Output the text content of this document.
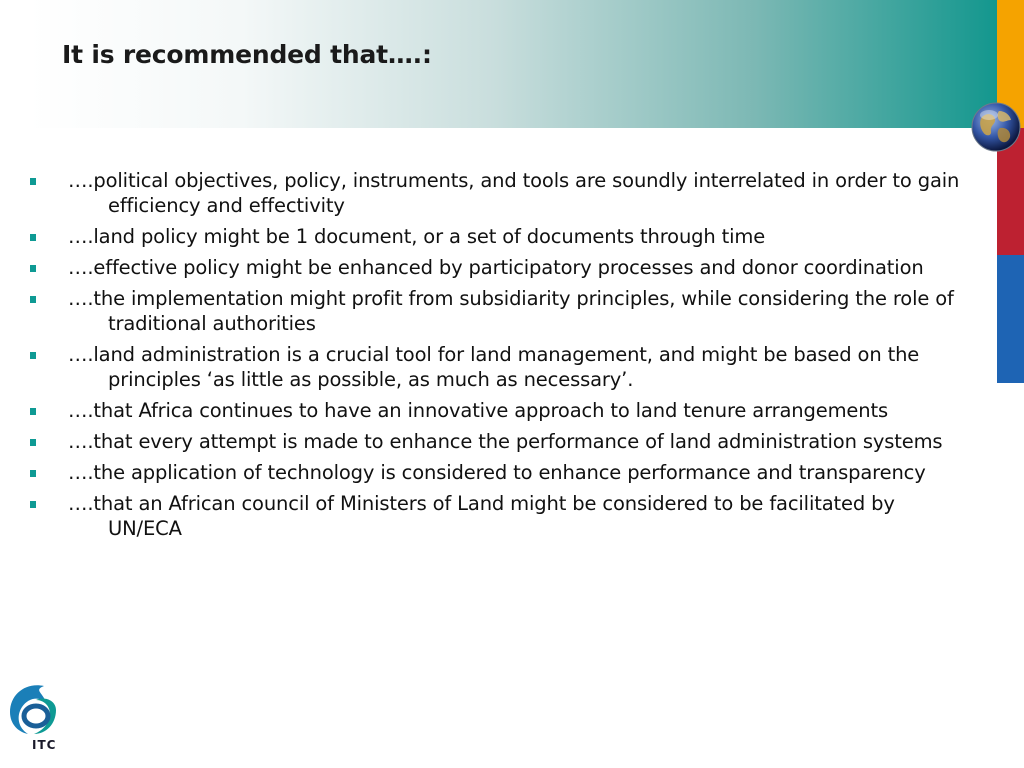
It is recommended that….:
….political objectives, policy, instruments, and tools are soundly interrelated in order to gain efficiency and effectivity
….land policy might be 1 document, or a set of documents through time
….effective policy might be enhanced by participatory processes and donor coordination
….the implementation might profit from subsidiarity principles, while considering the role of traditional authorities
….land administration is a crucial tool for land management, and might be based on the principles ‘as little as possible, as much as necessary’.
….that Africa continues to have an innovative approach to land tenure arrangements
….that every attempt is made to enhance the performance of land administration systems
….the application of technology is considered to enhance performance and transparency
….that an African council of Ministers of Land might be considered to be facilitated by UN/ECA
ITC
